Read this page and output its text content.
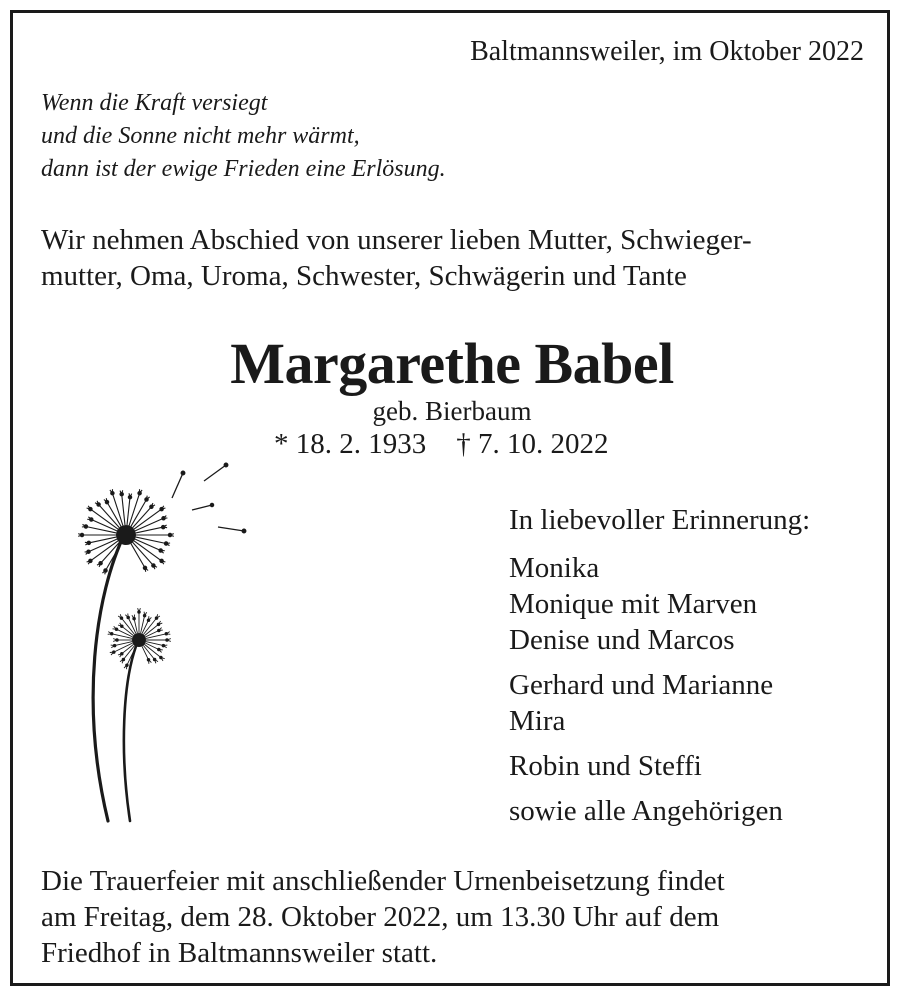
Baltmannsweiler, im Oktober 2022
Wenn die Kraft versiegt
und die Sonne nicht mehr wärmt,
dann ist der ewige Frieden eine Erlösung.
Wir nehmen Abschied von unserer lieben Mutter, Schwieger-
mutter, Oma, Uroma, Schwester, Schwägerin und Tante
Margarethe Babel
geb. Bierbaum
* 18. 2. 1933 † 7. 10. 2022
In liebevoller Erinnerung:
Monika
Monique mit Marven
Denise und Marcos
Gerhard und Marianne
Mira
Robin und Steffi
sowie alle Angehörigen
Die Trauerfeier mit anschließender Urnenbeisetzung findet
am Freitag, dem 28. Oktober 2022, um 13.30 Uhr auf dem
Friedhof in Baltmannsweiler statt.
